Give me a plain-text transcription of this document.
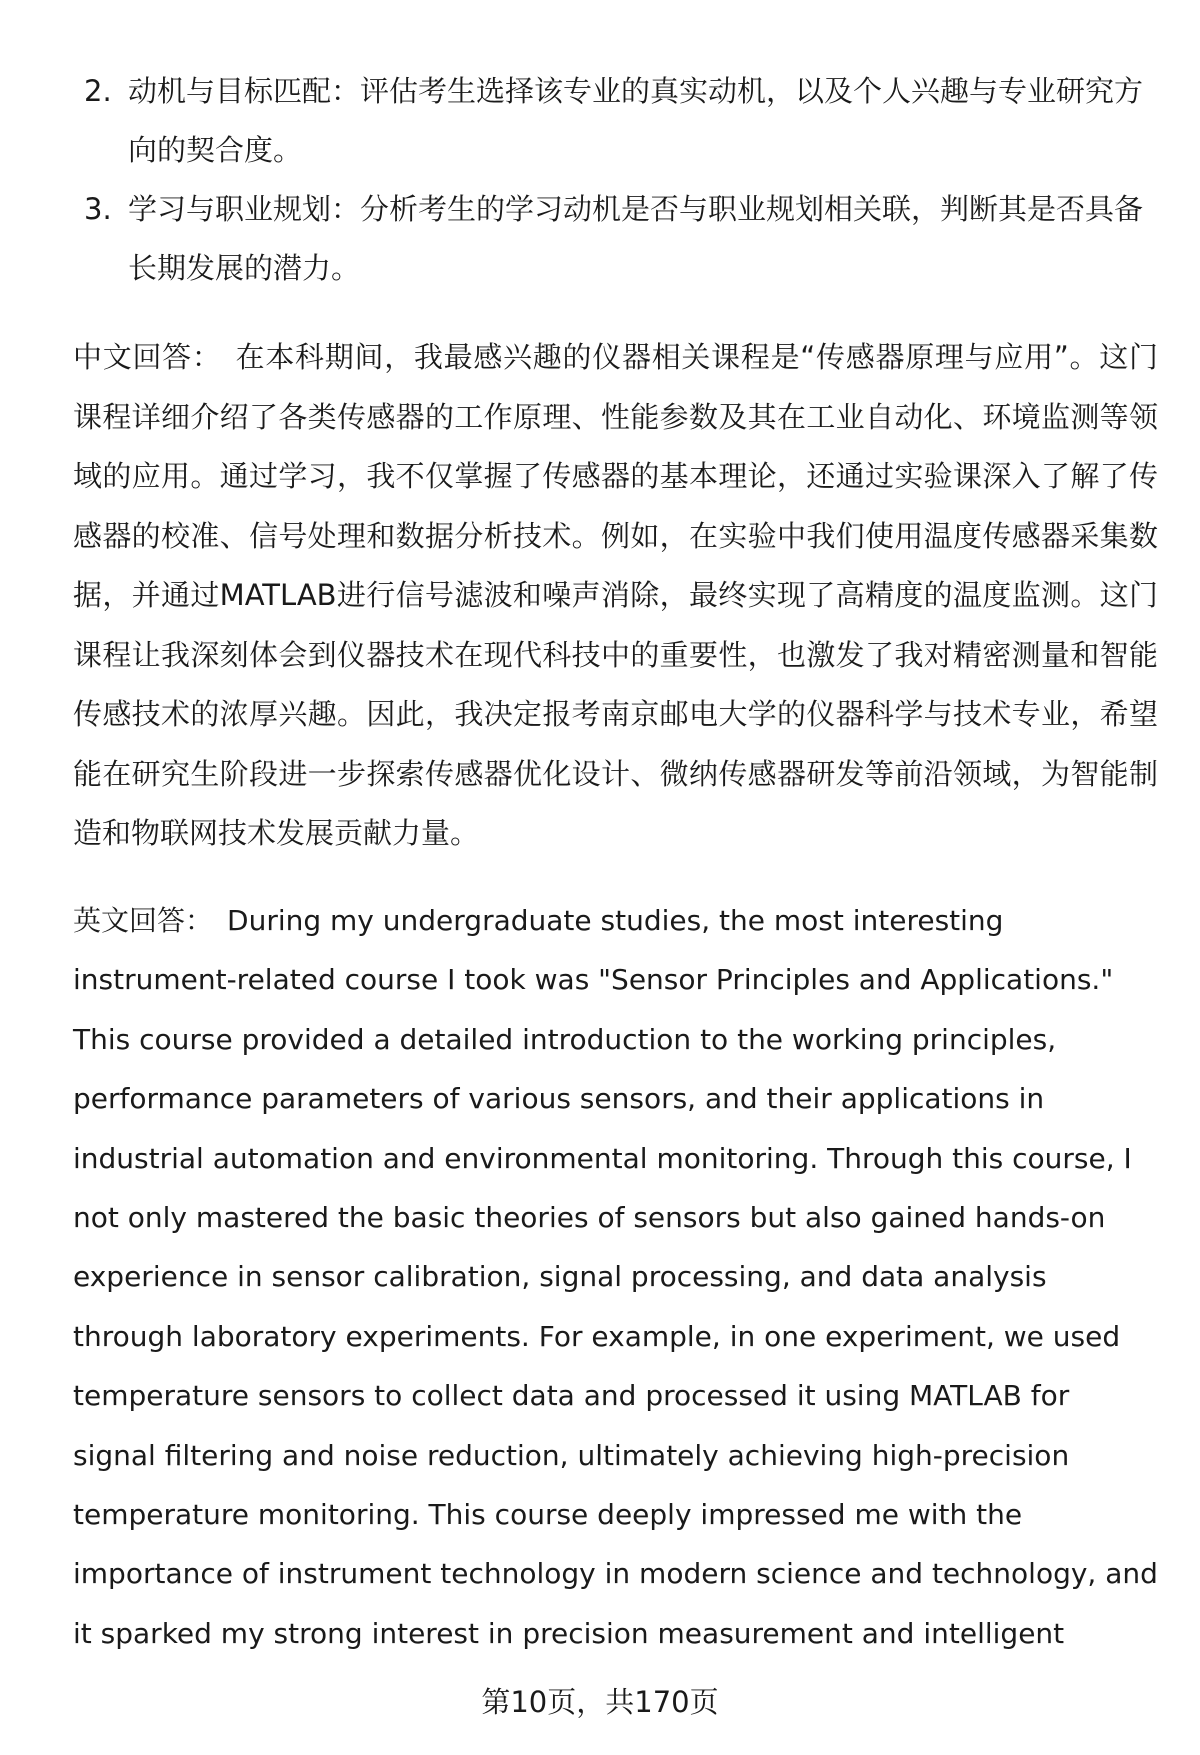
2. 动机与目标匹配：评估考生选择该专业的真实动机，以及个人兴趣与专业研究方向的契合度。
3. 学习与职业规划：分析考生的学习动机是否与职业规划相关联，判断其是否具备长期发展的潜力。
中文回答： 在本科期间，我最感兴趣的仪器相关课程是“传感器原理与应用”。这门课程详细介绍了各类传感器的工作原理、性能参数及其在工业自动化、环境监测等领域的应用。通过学习，我不仅掌握了传感器的基本理论，还通过实验课深入了解了传感器的校准、信号处理和数据分析技术。例如，在实验中我们使用温度传感器采集数据，并通过MATLAB进行信号滤波和噪声消除，最终实现了高精度的温度监测。这门课程让我深刻体会到仪器技术在现代科技中的重要性，也激发了我对精密测量和智能传感技术的浓厚兴趣。因此，我决定报考南京邮电大学的仪器科学与技术专业，希望能在研究生阶段进一步探索传感器优化设计、微纳传感器研发等前沿领域，为智能制造和物联网技术发展贡献力量。
英文回答： During my undergraduate studies, the most interesting instrument-related course I took was "Sensor Principles and Applications." This course provided a detailed introduction to the working principles, performance parameters of various sensors, and their applications in industrial automation and environmental monitoring. Through this course, I not only mastered the basic theories of sensors but also gained hands-on experience in sensor calibration, signal processing, and data analysis through laboratory experiments. For example, in one experiment, we used temperature sensors to collect data and processed it using MATLAB for signal filtering and noise reduction, ultimately achieving high-precision temperature monitoring. This course deeply impressed me with the importance of instrument technology in modern science and technology, and it sparked my strong interest in precision measurement and intelligent
第10页，共170页
